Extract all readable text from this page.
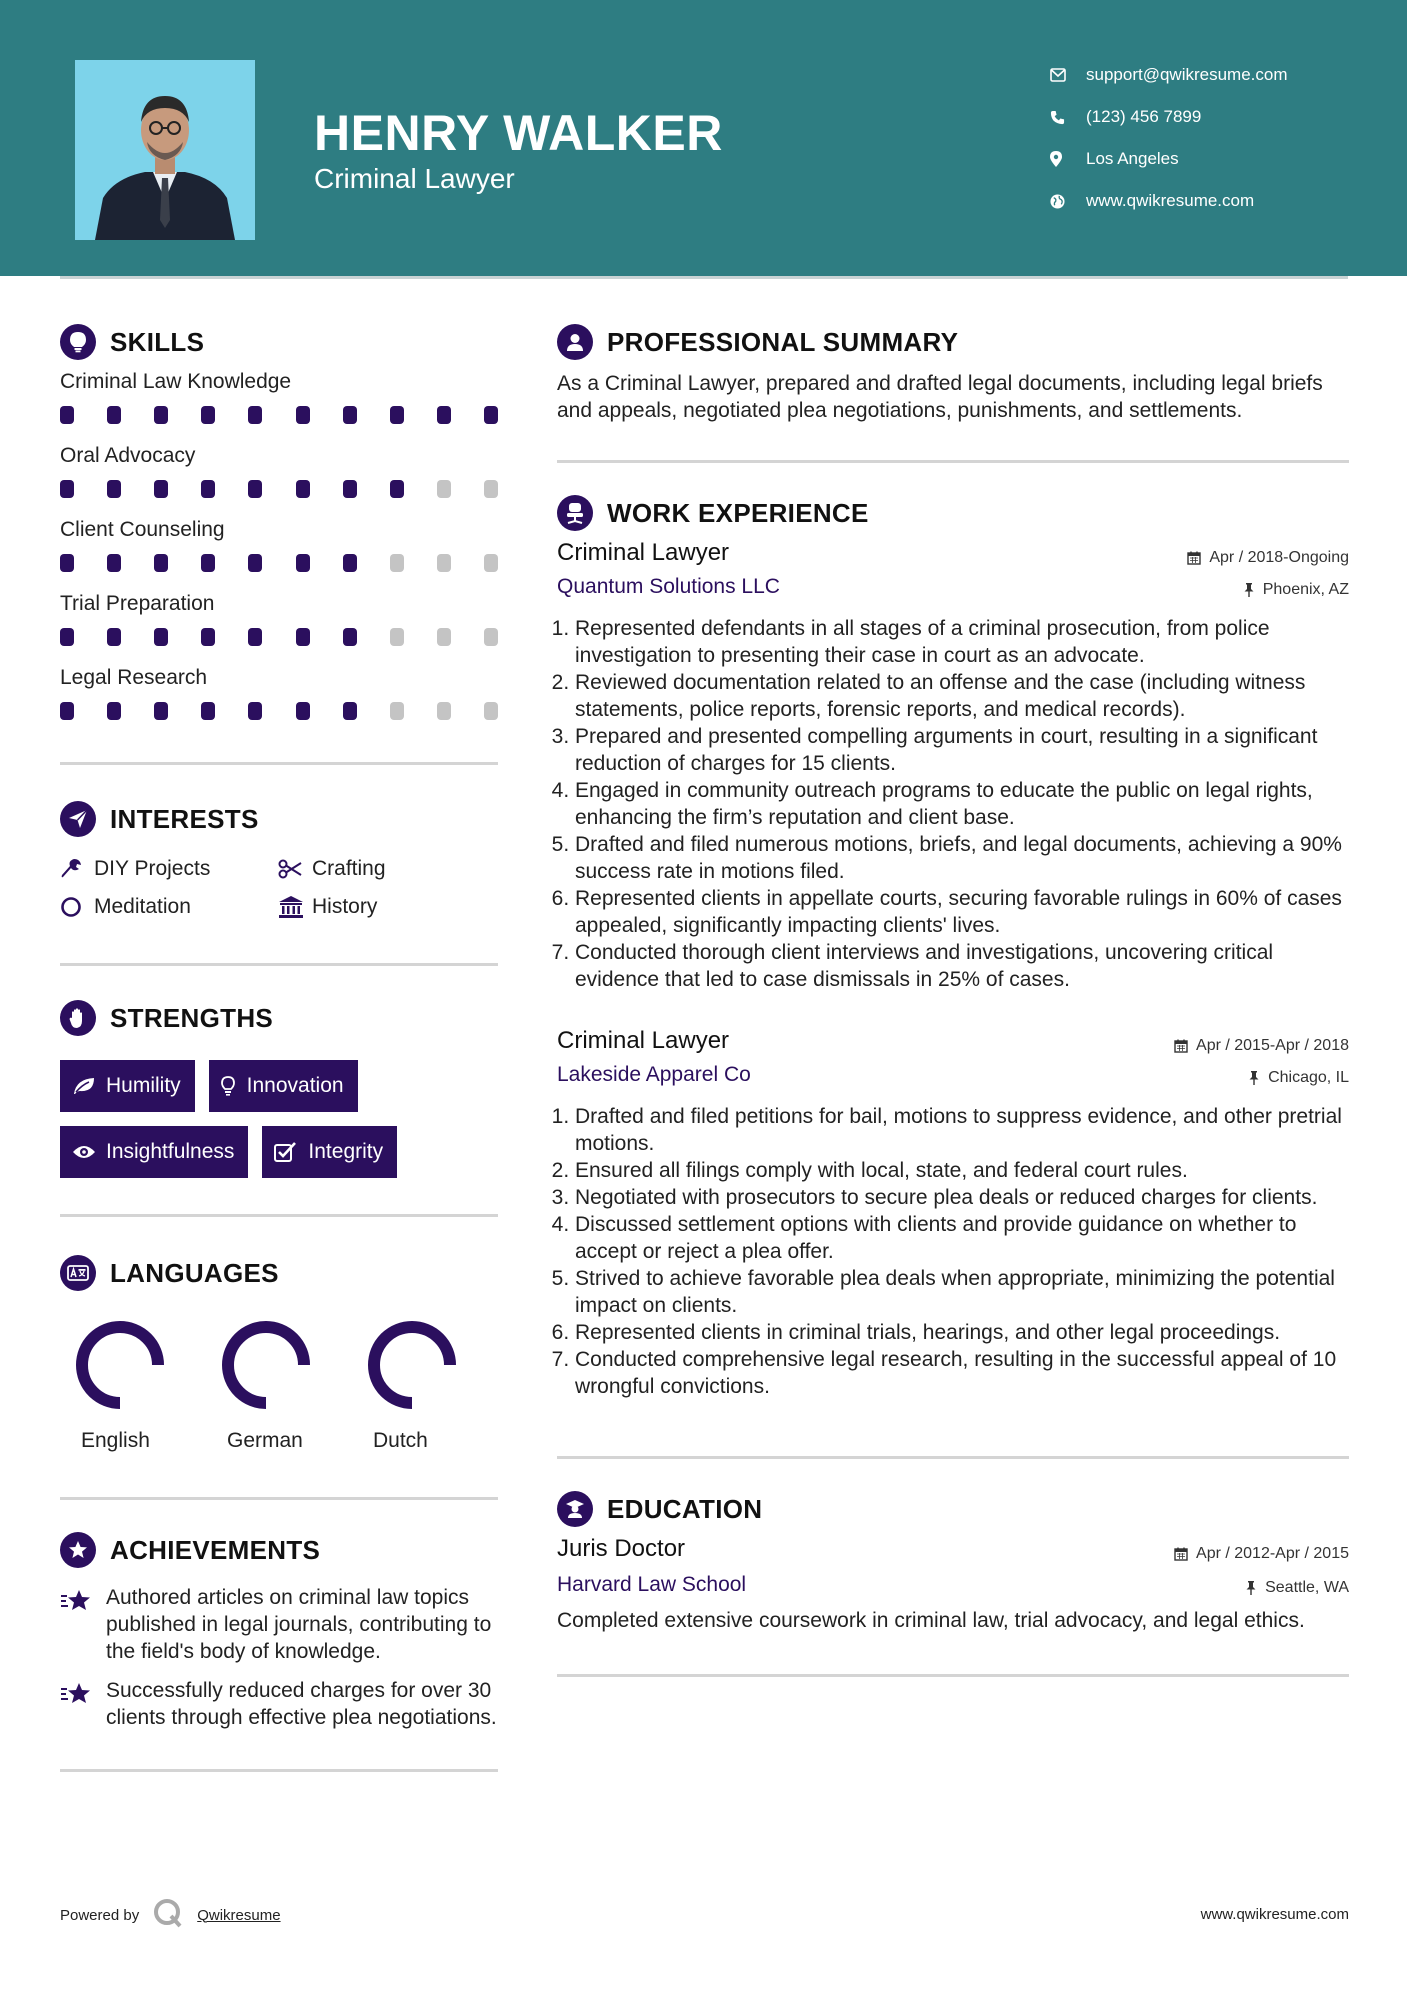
HENRY WALKER
Criminal Lawyer
support@qwikresume.com
(123) 456 7899
Los Angeles
www.qwikresume.com
SKILLS
Criminal Law Knowledge
Oral Advocacy
Client Counseling
Trial Preparation
Legal Research
INTERESTS
DIY Projects	Crafting
Meditation	History
STRENGTHS
Humility	Innovation
Insightfulness	Integrity
LANGUAGES
English	German	Dutch
ACHIEVEMENTS
Authored articles on criminal law topics published in legal journals, contributing to the field's body of knowledge.
Successfully reduced charges for over 30 clients through effective plea negotiations.
PROFESSIONAL SUMMARY

As a Criminal Lawyer, prepared and drafted legal documents, including legal briefs and appeals, negotiated plea negotiations, punishments, and settlements.

WORK EXPERIENCE
Criminal Lawyer	Apr / 2018-Ongoing
Quantum Solutions LLC	Phoenix, AZ
1. Represented defendants in all stages of a criminal prosecution, from police investigation to presenting their case in court as an advocate.
2. Reviewed documentation related to an offense and the case (including witness statements, police reports, forensic reports, and medical records).
3. Prepared and presented compelling arguments in court, resulting in a significant reduction of charges for 15 clients.
4. Engaged in community outreach programs to educate the public on legal rights, enhancing the firm’s reputation and client base.
5. Drafted and filed numerous motions, briefs, and legal documents, achieving a 90% success rate in motions filed.
6. Represented clients in appellate courts, securing favorable rulings in 60% of cases appealed, significantly impacting clients' lives.
7. Conducted thorough client interviews and investigations, uncovering critical evidence that led to case dismissals in 25% of cases.
Criminal Lawyer	Apr / 2015-Apr / 2018
Lakeside Apparel Co	Chicago, IL
1. Drafted and filed petitions for bail, motions to suppress evidence, and other pretrial motions.
2. Ensured all filings comply with local, state, and federal court rules.
3. Negotiated with prosecutors to secure plea deals or reduced charges for clients.
4. Discussed settlement options with clients and provide guidance on whether to accept or reject a plea offer.
5. Strived to achieve favorable plea deals when appropriate, minimizing the potential impact on clients.
6. Represented clients in criminal trials, hearings, and other legal proceedings.
7. Conducted comprehensive legal research, resulting in the successful appeal of 10 wrongful convictions.
EDUCATION
Juris Doctor	Apr / 2012-Apr / 2015
Harvard Law School	Seattle, WA

Completed extensive coursework in criminal law, trial advocacy, and legal ethics.

Powered by	Qwikresume	www.qwikresume.com
